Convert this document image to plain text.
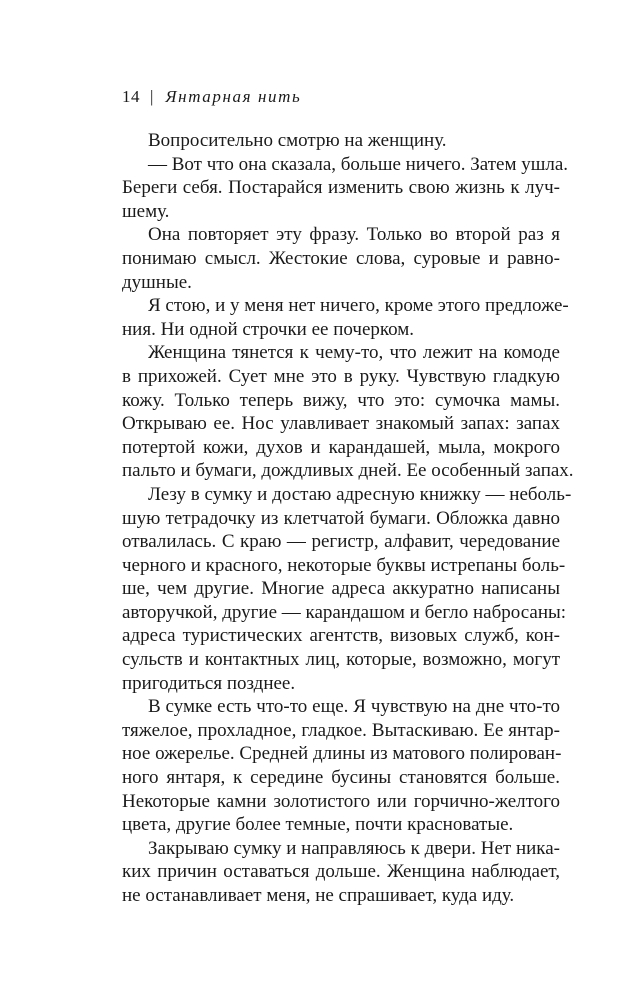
14 | Янтарная нить
Вопросительно смотрю на женщину.
— Вот что она сказала, больше ничего. Затем ушла.
Береги себя. Постарайся изменить свою жизнь к луч-
шему.
Она повторяет эту фразу. Только во второй раз я
понимаю смысл. Жестокие слова, суровые и равно-
душные.
Я стою, и у меня нет ничего, кроме этого предложе-
ния. Ни одной строчки ее почерком.
Женщина тянется к чему-то, что лежит на комоде
в прихожей. Сует мне это в руку. Чувствую гладкую
кожу. Только теперь вижу, что это: сумочка мамы.
Открываю ее. Нос улавливает знакомый запах: запах
потертой кожи, духов и карандашей, мыла, мокрого
пальто и бумаги, дождливых дней. Ее особенный запах.
Лезу в сумку и достаю адресную книжку — неболь-
шую тетрадочку из клетчатой бумаги. Обложка давно
отвалилась. С краю — регистр, алфавит, чередование
черного и красного, некоторые буквы истрепаны боль-
ше, чем другие. Многие адреса аккуратно написаны
авторучкой, другие — карандашом и бегло набросаны:
адреса туристических агентств, визовых служб, кон-
сульств и контактных лиц, которые, возможно, могут
пригодиться позднее.
В сумке есть что-то еще. Я чувствую на дне что-то
тяжелое, прохладное, гладкое. Вытаскиваю. Ее янтар-
ное ожерелье. Средней длины из матового полирован-
ного янтаря, к середине бусины становятся больше.
Некоторые камни золотистого или горчично-желтого
цвета, другие более темные, почти красноватые.
Закрываю сумку и направляюсь к двери. Нет ника-
ких причин оставаться дольше. Женщина наблюдает,
не останавливает меня, не спрашивает, куда иду.
